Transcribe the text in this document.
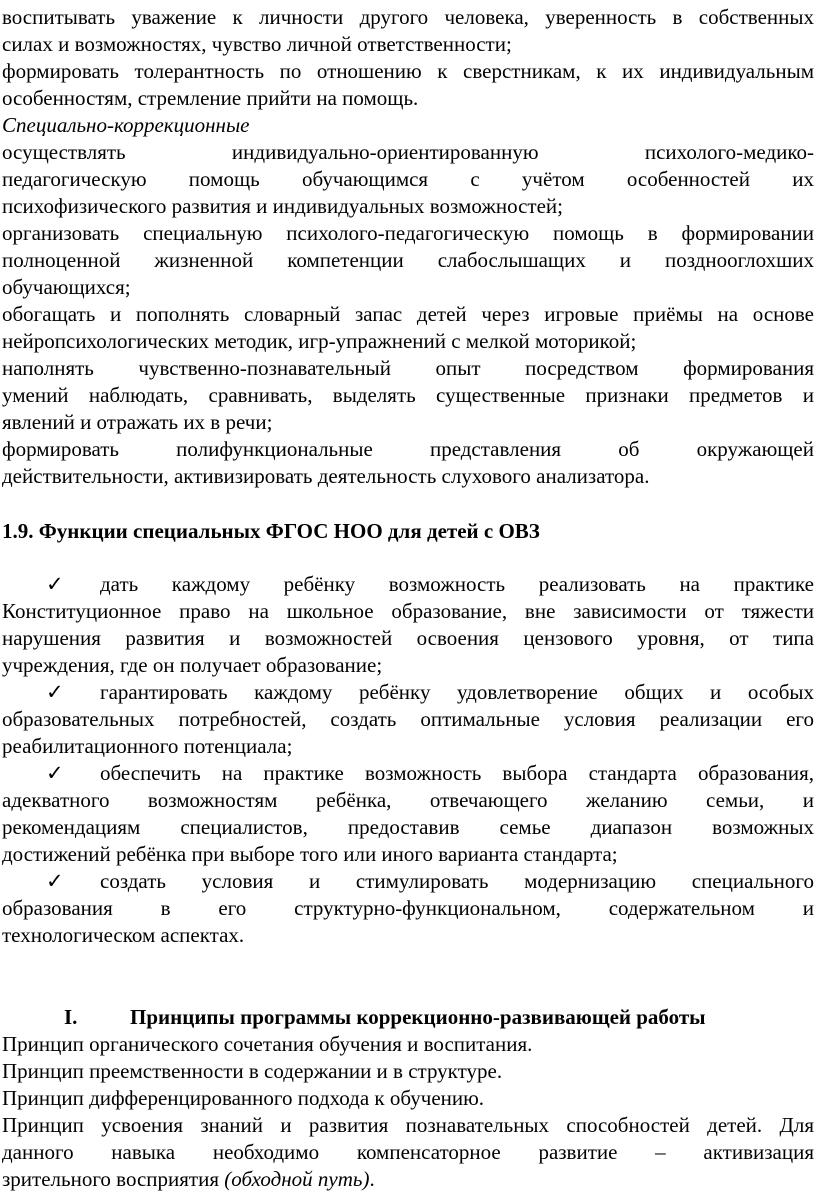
воспитывать уважение к личности другого человека, уверенность в собственных
силах и возможностях, чувство личной ответственности;
формировать толерантность по отношению к сверстникам, к их индивидуальным
особенностям, стремление прийти на помощь.
Специально-коррекционные
осуществлять индивидуально-ориентированную психолого-медико-
педагогическую помощь обучающимся с учётом особенностей их
психофизического развития и индивидуальных возможностей;
организовать специальную психолого-педагогическую помощь в формировании
полноценной жизненной компетенции слабослышащих и позднооглохших
обучающихся;
обогащать и пополнять словарный запас детей через игровые приёмы на основе
нейропсихологических методик, игр-упражнений с мелкой моторикой;
наполнять чувственно-познавательный опыт посредством формирования
умений наблюдать, сравнивать, выделять существенные признаки предметов и
явлений и отражать их в речи;
формировать полифункциональные представления об окружающей
действительности, активизировать деятельность слухового анализатора.
1.9. Функции специальных ФГОС НОО для детей с ОВЗ
✓	дать каждому ребёнку возможность реализовать на практике
Конституционное право на школьное образование, вне зависимости от тяжести
нарушения развития и возможностей освоения цензового уровня, от типа
учреждения, где он получает образование;
✓	гарантировать каждому ребёнку удовлетворение общих и особых
образовательных потребностей, создать оптимальные условия реализации его
реабилитационного потенциала;
✓	обеспечить на практике возможность выбора стандарта образования,
адекватного возможностям ребёнка, отвечающего желанию семьи, и
рекомендациям специалистов, предоставив семье диапазон возможных
достижений ребёнка при выборе того или иного варианта стандарта;
✓	создать условия и стимулировать модернизацию специального
образования в его структурно-функциональном, содержательном и
технологическом аспектах.
I.	Принципы программы коррекционно-развивающей работы
Принцип органического сочетания обучения и воспитания.
Принцип преемственности в содержании и в структуре.
Принцип дифференцированного подхода к обучению.
Принцип усвоения знаний и развития познавательных способностей детей. Для
данного навыка необходимо компенсаторное развитие – активизация
зрительного восприятия (обходной путь).
